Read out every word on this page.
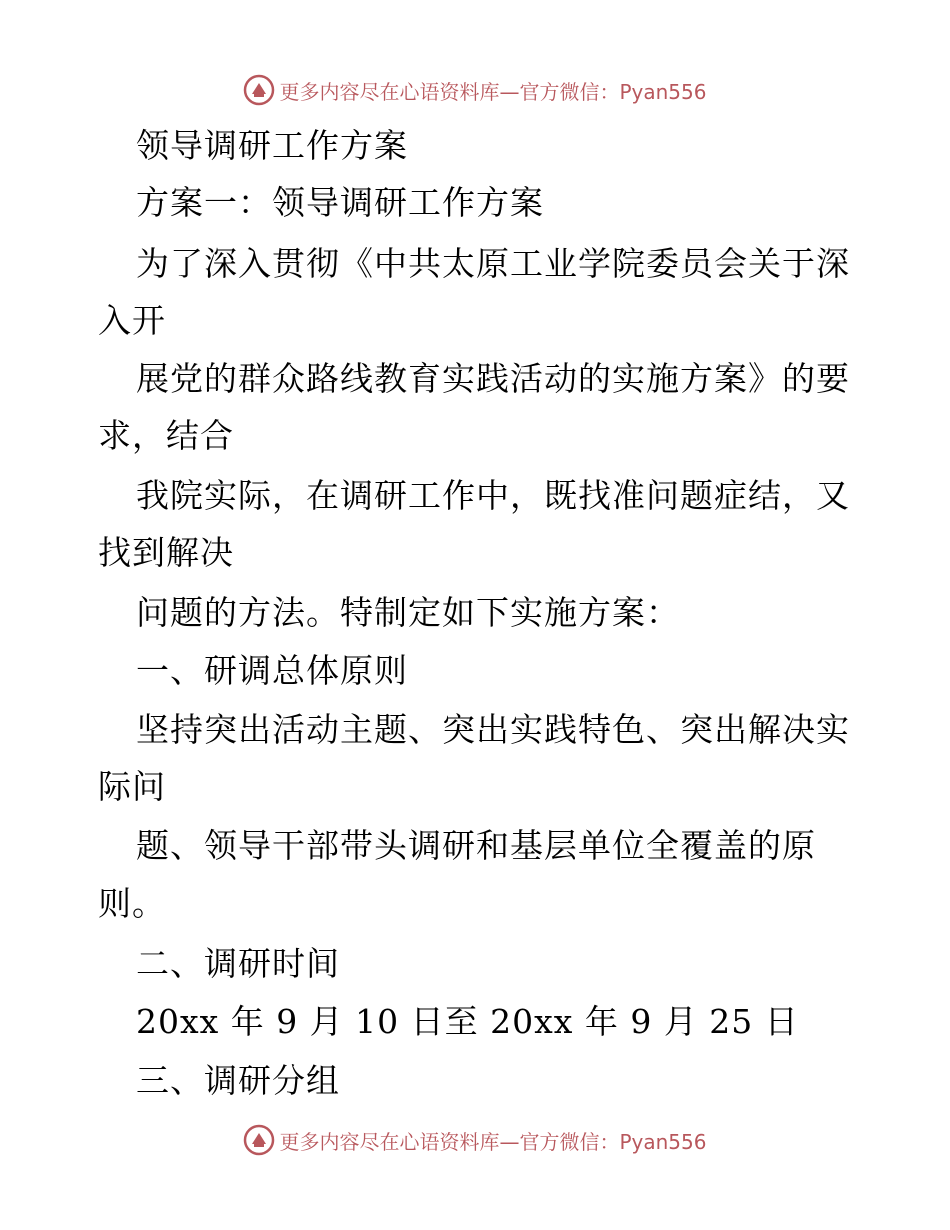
更多内容尽在心语资料库—官方微信：Pyan556
领导调研工作方案
方案一：领导调研工作方案
为了深入贯彻《中共太原工业学院委员会关于深
入开
展党的群众路线教育实践活动的实施方案》的要
求，结合
我院实际，在调研工作中，既找准问题症结，又
找到解决
问题的方法。特制定如下实施方案：
一、研调总体原则
坚持突出活动主题、突出实践特色、突出解决实
际问
题、领导干部带头调研和基层单位全覆盖的原
则。
二、调研时间
20xx 年 9 月 10 日至 20xx 年 9 月 25 日
三、调研分组
更多内容尽在心语资料库—官方微信：Pyan556
